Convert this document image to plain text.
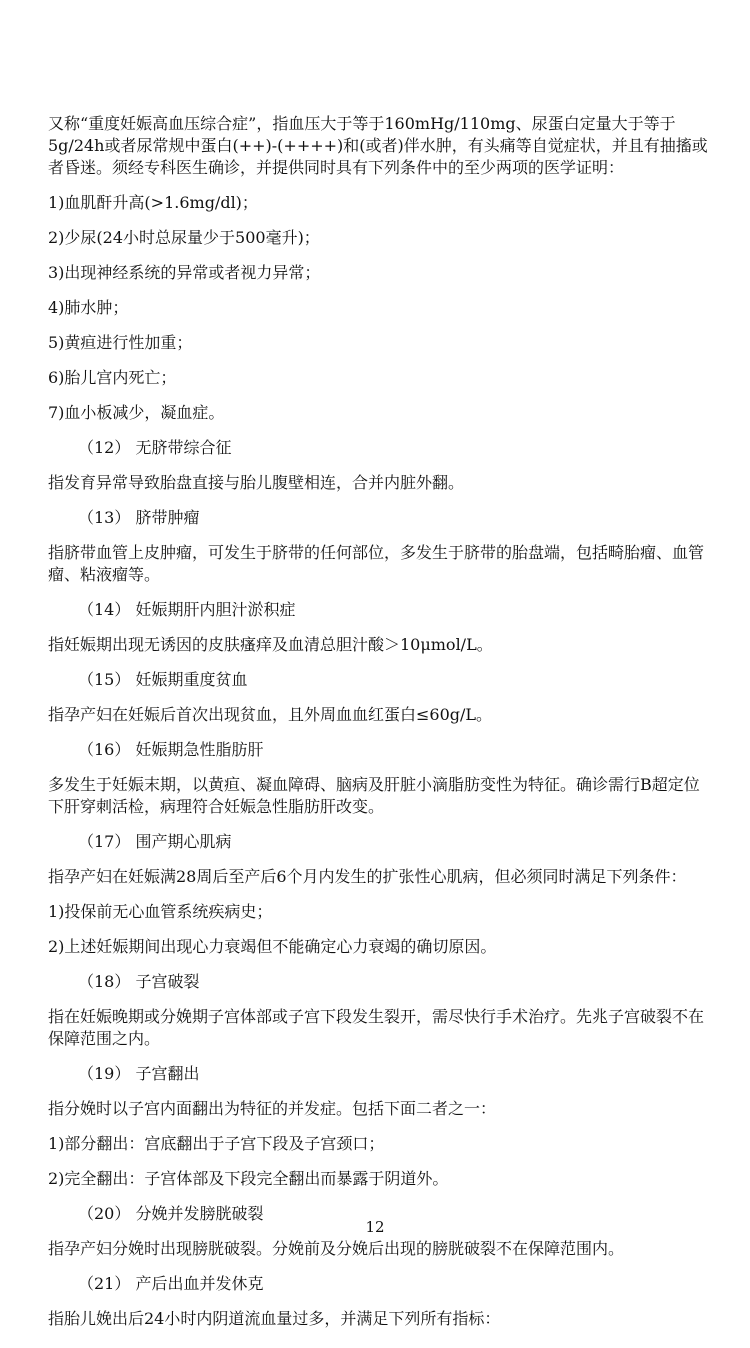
又称“重度妊娠高血压综合症”，指血压大于等于160mHg/110mg、尿蛋白定量大于等于5g/24h或者尿常规中蛋白(++)-(++++)和(或者)伴水肿，有头痛等自觉症状，并且有抽搐或者昏迷。须经专科医生确诊，并提供同时具有下列条件中的至少两项的医学证明：

1)血肌酐升高(>1.6mg/dl)；

2)少尿(24小时总尿量少于500毫升)；

3)出现神经系统的异常或者视力异常；

4)肺水肿；

5)黄疸进行性加重；

6)胎儿宫内死亡；

7)血小板减少，凝血症。

（12） 无脐带综合征

指发育异常导致胎盘直接与胎儿腹壁相连，合并内脏外翻。

（13） 脐带肿瘤

指脐带血管上皮肿瘤，可发生于脐带的任何部位，多发生于脐带的胎盘端，包括畸胎瘤、血管瘤、粘液瘤等。

（14） 妊娠期肝内胆汁淤积症

指妊娠期出现无诱因的皮肤瘙痒及血清总胆汁酸＞10μmol/L。

（15） 妊娠期重度贫血

指孕产妇在妊娠后首次出现贫血，且外周血血红蛋白≤60g/L。

（16） 妊娠期急性脂肪肝

多发生于妊娠末期，以黄疸、凝血障碍、脑病及肝脏小滴脂肪变性为特征。确诊需行B超定位下肝穿刺活检，病理符合妊娠急性脂肪肝改变。

（17） 围产期心肌病

指孕产妇在妊娠满28周后至产后6个月内发生的扩张性心肌病，但必须同时满足下列条件：

1)投保前无心血管系统疾病史；

2)上述妊娠期间出现心力衰竭但不能确定心力衰竭的确切原因。

（18） 子宫破裂

指在妊娠晚期或分娩期子宫体部或子宫下段发生裂开，需尽快行手术治疗。先兆子宫破裂不在保障范围之内。

（19） 子宫翻出

指分娩时以子宫内面翻出为特征的并发症。包括下面二者之一：

1)部分翻出：宫底翻出于子宫下段及子宫颈口；

2)完全翻出：子宫体部及下段完全翻出而暴露于阴道外。

（20） 分娩并发膀胱破裂

指孕产妇分娩时出现膀胱破裂。分娩前及分娩后出现的膀胱破裂不在保障范围内。

（21） 产后出血并发休克

指胎儿娩出后24小时内阴道流血量过多，并满足下列所有指标：

12
